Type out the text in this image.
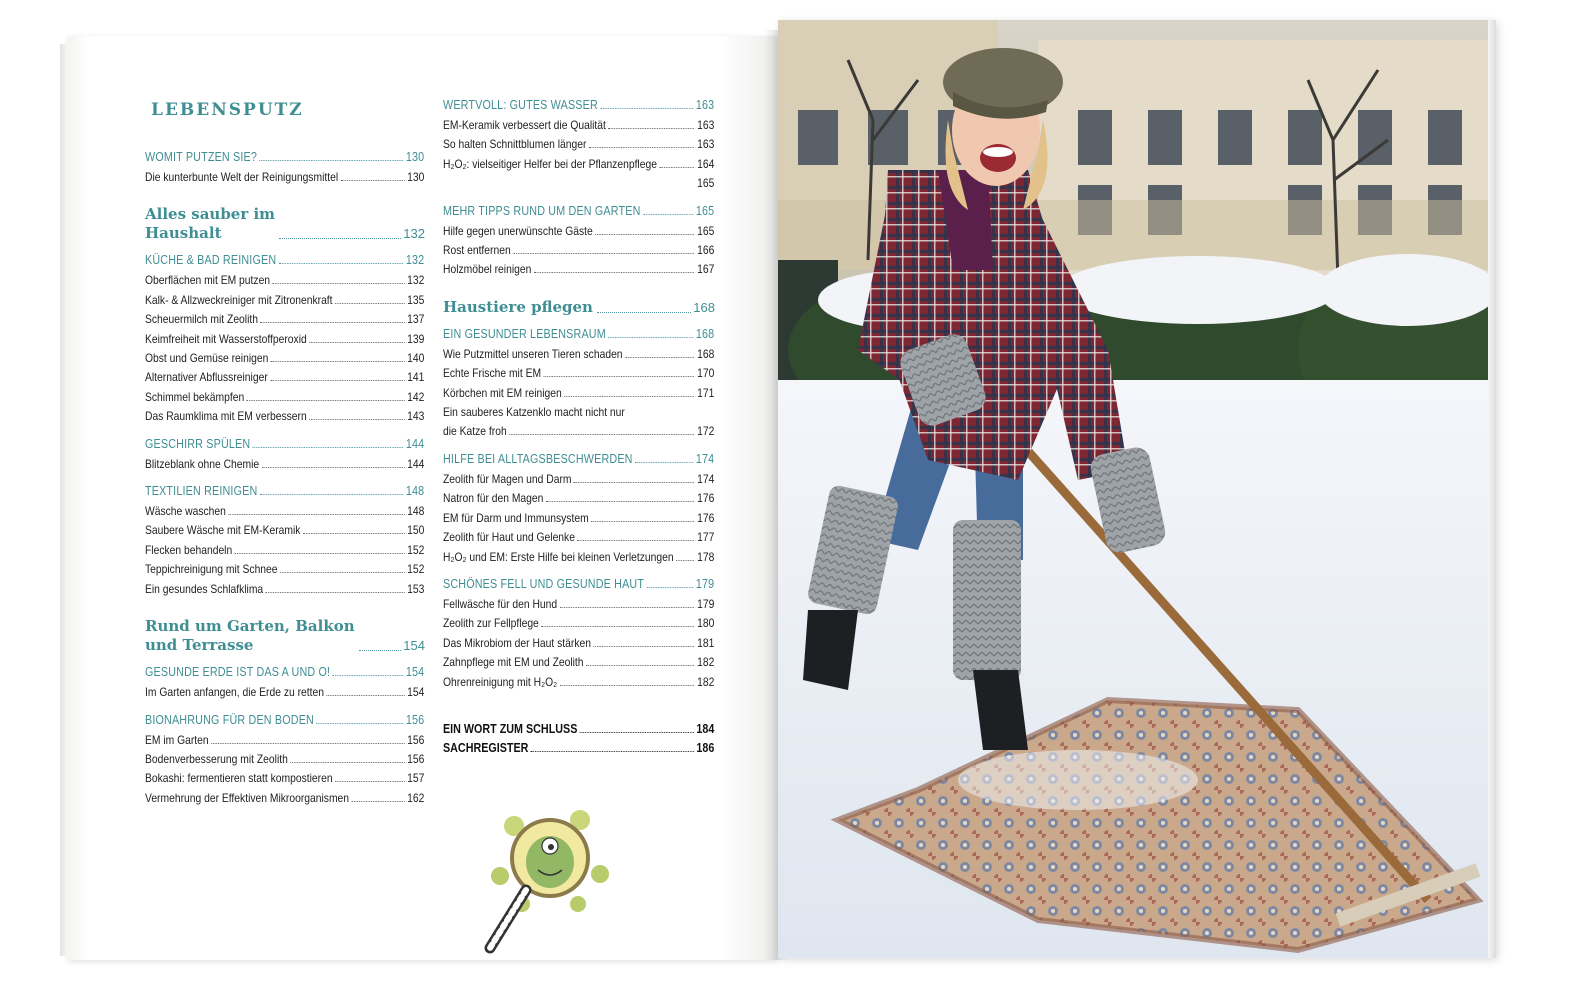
LEBENSPUTZ
WOMIT PUTZEN SIE?	130
Die kunterbunte Welt der Reinigungsmittel	130
Alles sauber im
Haushalt	132
KÜCHE & BAD REINIGEN	132
Oberflächen mit EM putzen	132
Kalk- & Allzweckreiniger mit Zitronenkraft	135
Scheuermilch mit Zeolith	137
Keimfreiheit mit Wasserstoffperoxid	139
Obst und Gemüse reinigen	140
Alternativer Abflussreiniger	141
Schimmel bekämpfen	142
Das Raumklima mit EM verbessern	143
GESCHIRR SPÜLEN	144
Blitzeblank ohne Chemie	144
TEXTILIEN REINIGEN	148
Wäsche waschen	148
Saubere Wäsche mit EM-Keramik	150
Flecken behandeln	152
Teppichreinigung mit Schnee	152
Ein gesundes Schlafklima	153
Rund um Garten, Balkon
und Terrasse	154
GESUNDE ERDE IST DAS A UND O!	154
Im Garten anfangen, die Erde zu retten	154
BIONAHRUNG FÜR DEN BODEN	156
EM im Garten	156
Bodenverbesserung mit Zeolith	156
Bokashi: fermentieren statt kompostieren	157
Vermehrung der Effektiven Mikroorganismen	162
WERTVOLL: GUTES WASSER	163
EM-Keramik verbessert die Qualität	163
So halten Schnittblumen länger	163
H₂O₂: vielseitiger Helfer bei der Pflanzenpflege	164
165
MEHR TIPPS RUND UM DEN GARTEN	165
Hilfe gegen unerwünschte Gäste	165
Rost entfernen	166
Holzmöbel reinigen	167
Haustiere pflegen	168
EIN GESUNDER LEBENSRAUM	168
Wie Putzmittel unseren Tieren schaden	168
Echte Frische mit EM	170
Körbchen mit EM reinigen	171
Ein sauberes Katzenklo macht nicht nur
die Katze froh	172
HILFE BEI ALLTAGSBESCHWERDEN	174
Zeolith für Magen und Darm	174
Natron für den Magen	176
EM für Darm und Immunsystem	176
Zeolith für Haut und Gelenke	177
H₂O₂ und EM: Erste Hilfe bei kleinen Verletzungen 178
SCHÖNES FELL UND GESUNDE HAUT	179
Fellwäsche für den Hund	179
Zeolith zur Fellpflege	180
Das Mikrobiom der Haut stärken	181
Zahnpflege mit EM und Zeolith	182
Ohrenreinigung mit H₂O₂	182
EIN WORT ZUM SCHLUSS	184
SACHREGISTER	186
